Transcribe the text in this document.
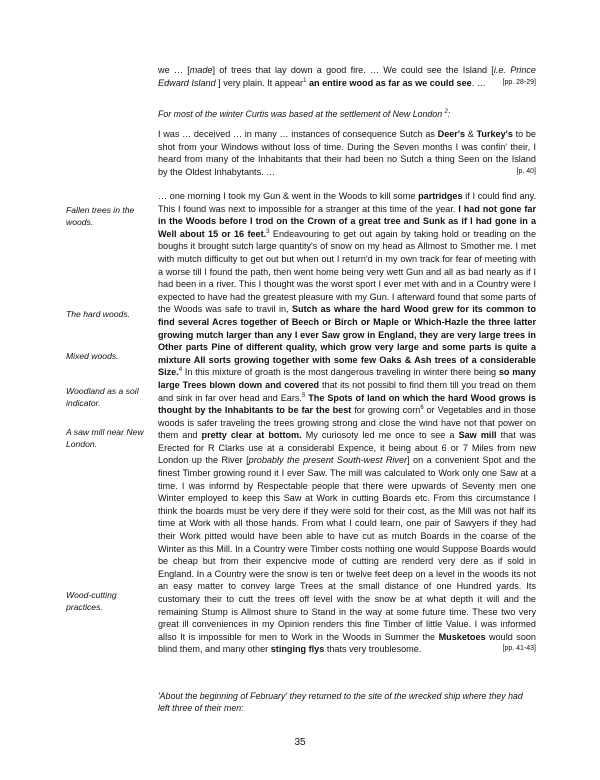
we … [made] of trees that lay down a good fire. … We could see the Island [i.e. Prince Edward Island ] very plain. It appear$^1$ an entire wood as far as we could see. … [pp. 28-29]

For most of the winter Curtis was based at the settlement of New London $^2$:

I was … deceived … in many … instances of consequence Sutch as Deer's & Turkey's to be shot from your Windows without loss of time. During the Seven months I was confin' their, I heard from many of the Inhabitants that their had been no Sutch a thing Seen on the Island by the Oldest Inhabytants. …	[p. 40]

… one morning I took my Gun & went in the Woods to kill some partridges if I could find any. This I found was next to impossible for a stranger at this time of the year. I had not gone far in the Woods before I trod on the Crown of a great tree and Sunk as if I had gone in a Well about 15 or 16 feet.$^3$ Endeavouring to get out again by taking hold or treading on the boughs it brought sutch large quantity's of snow on my head as Allmost to Smother me. I met with mutch difficulty to get out but when out I return'd in my own track for fear of meeting with a worse till I found the path, then went home being very wett Gun and all as bad nearly as if I had been in a river. This I thought was the worst sport I ever met with and in a Country were I expected to have had the greatest pleasure with my Gun. I afterward found that some parts of the Woods was safe to travil in, Sutch as whare the hard Wood grew for its common to find several Acres together of Beech or Birch or Maple or Which-Hazle the three latter growing mutch larger than any I ever Saw grow in England, they are very large trees in Other parts Pine of different quality, which grow very large and some parts is quite a mixture All sorts growing together with some few Oaks & Ash trees of a considerable Size.$^4$ In this mixture of groath is the most dangerous traveling in winter there being so many large Trees blown down and covered that its not possibl to find them till you tread on them and sink in far over head and Ears.$^5$ The Spots of land on which the hard Wood grows is thought by the Inhabitants to be far the best for growing corn$^6$ or Vegetables and in those woods is safer traveling the trees growing strong and close the wind have not that power on them and pretty clear at bottom. My curiosoty led me once to see a Saw mill that was Erected for R Clarks use at a considerabl Expence, it being about 6 or 7 Miles from new London up the River [probably the present South-west River] on a convenient Spot and the finest Timber growing round it I ever Saw. The mill was calculated to Work only one Saw at a time. I was informd by Respectable people that there were upwards of Seventy men one Winter employed to keep this Saw at Work in cutting Boards etc. From this circumstance I think the boards must be very dere if they were sold for their cost, as the Mill was not half its time at Work with all those hands. From what I could learn, one pair of Sawyers if they had their Work pitted would have been able to have cut as mutch Boards in the coarse of the Winter as this Mill. In a Country were Timber costs nothing one would Suppose Boards would be cheap but from their expencive mode of cutting are renderd very dere as if sold in England. In a Country were the snow is ten or twelve feet deep on a level in the woods its not an easy matter to convey large Trees at the small distance of one Hundred yards. Its customary their to cutt the trees off level with the snow be at what depth it will and the remaining Stump is Allmost shure to Stand in the way at some future time. These two very great ill conveniences in my Opinion renders this fine Timber of little Value. I was informed allso It is impossible for men to Work in the Woods in Summer the Musketoes would soon blind them, and many other stinging flys thats very troublesome.	[pp. 41-43]

'About the beginning of February' they returned to the site of the wrecked ship where they had left three of their men:
Fallen trees in the woods.
The hard woods.
Mixed woods.
Woodland as a soil indicator.
A saw mill near New London.
Wood-cutting practices.
35
